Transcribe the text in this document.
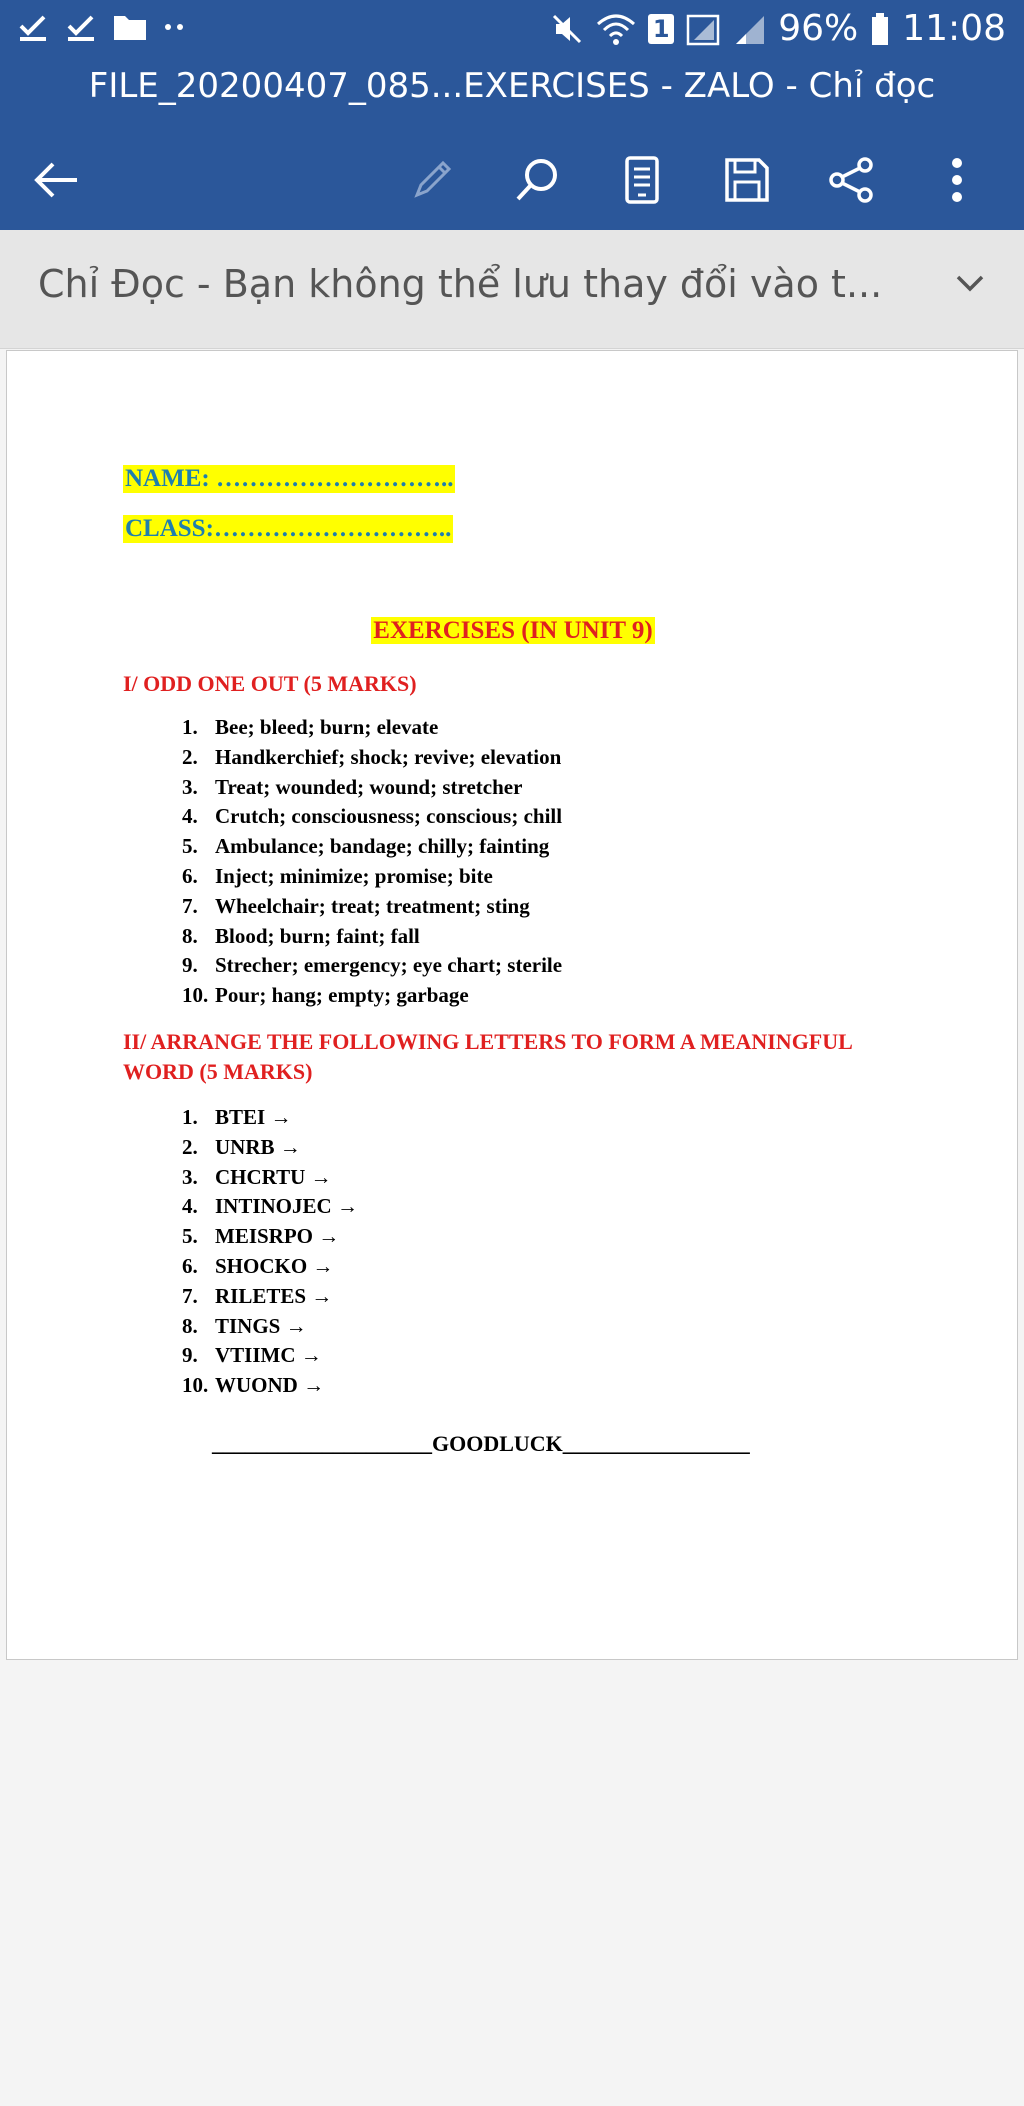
1	96% 11:08
FILE_20200407_085...EXERCISES - ZALO - Chỉ đọc
Chỉ Đọc - Bạn không thể lưu thay đổi vào t...
NAME: ………………………..
CLASS:………………………..
EXERCISES (IN UNIT 9)
I/ ODD ONE OUT (5 MARKS)
1. Bee; bleed; burn; elevate
2. Handkerchief; shock; revive; elevation
3. Treat; wounded; wound; stretcher
4. Crutch; consciousness; conscious; chill
5. Ambulance; bandage; chilly; fainting
6. Inject; minimize; promise; bite
7. Wheelchair; treat; treatment; sting
8. Blood; burn; faint; fall
9. Strecher; emergency; eye chart; sterile
10. Pour; hang; empty; garbage
II/ ARRANGE THE FOLLOWING LETTERS TO FORM A MEANINGFUL WORD (5 MARKS)
1. BTEI →
2. UNRB →
3. CHCRTU →
4. INTINOJEC →
5. MEISRPO →
6. SHOCKO →
7. RILETES →
8. TINGS →
9. VTIIMC →
10. WUOND →
____________________GOODLUCK_________________
